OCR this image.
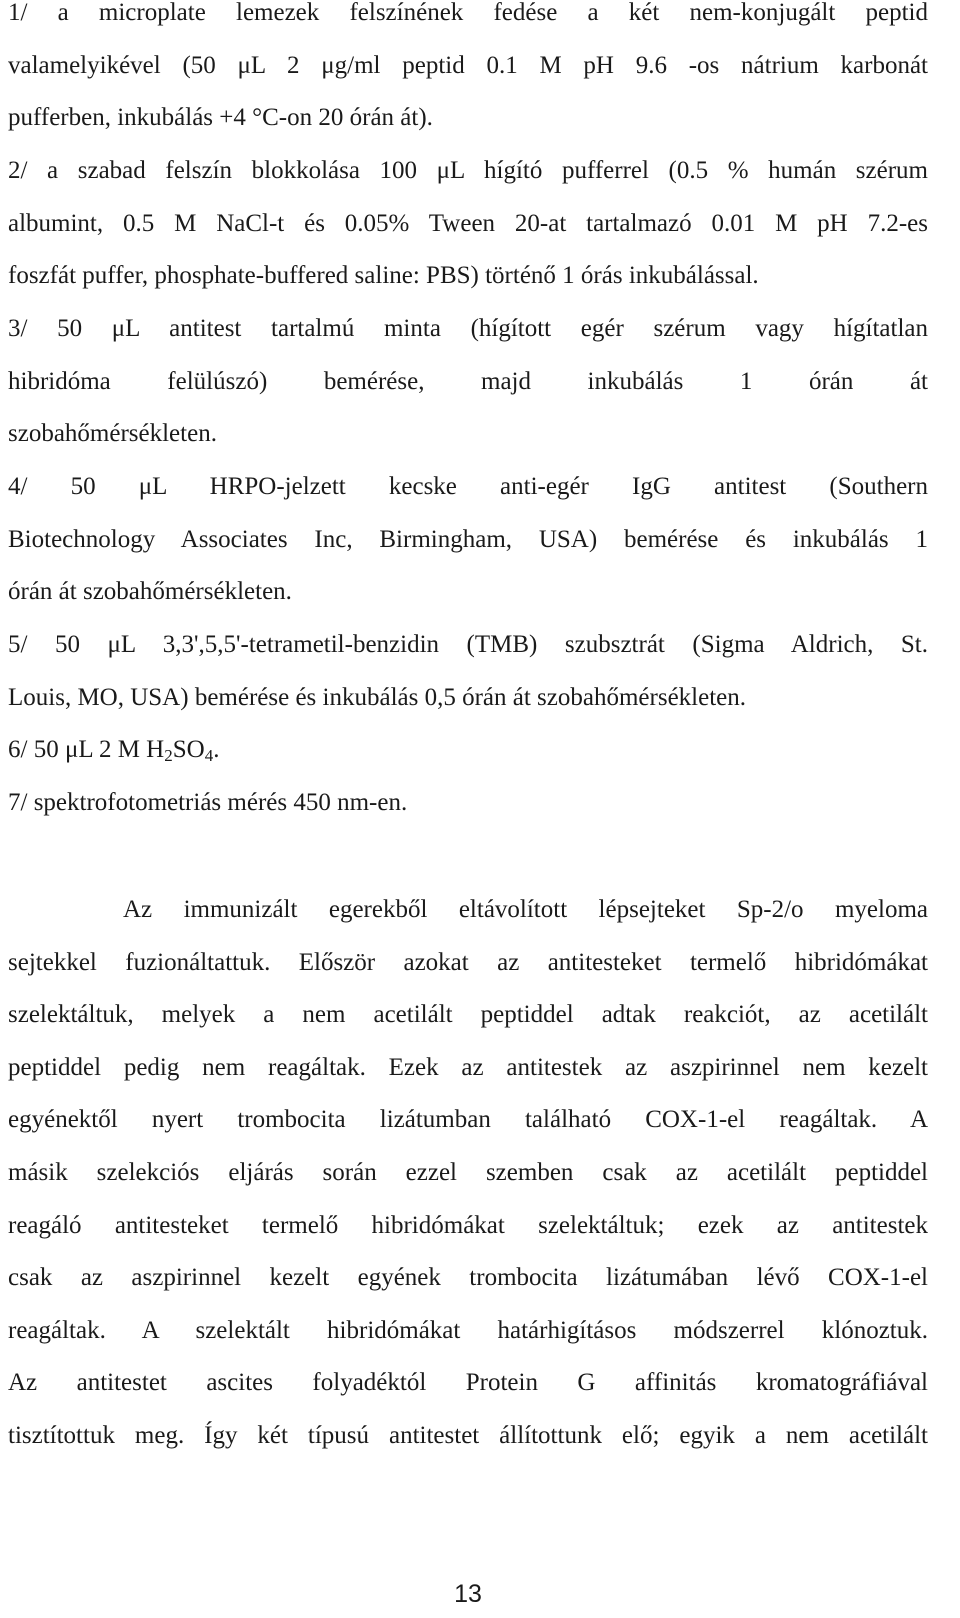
1/ a microplate lemezek felszínének fedése a két nem-konjugált peptid
valamelyikével (50 μL 2 μg/ml peptid 0.1 M pH 9.6 -os nátrium karbonát
pufferben, inkubálás +4 °C-on 20 órán át).
2/ a szabad felszín blokkolása 100 μL hígító pufferrel (0.5 % humán szérum
albumint, 0.5 M NaCl-t és 0.05% Tween 20-at tartalmazó 0.01 M pH 7.2-es
foszfát puffer, phosphate-buffered saline: PBS) történő 1 órás inkubálással.
3/ 50 μL antitest tartalmú minta (hígított egér szérum vagy hígítatlan
hibridóma felülúszó) bemérése, majd inkubálás 1 órán át
szobahőmérsékleten.
4/ 50 μL HRPO-jelzett kecske anti-egér IgG antitest (Southern
Biotechnology Associates Inc, Birmingham, USA) bemérése és inkubálás 1
órán át szobahőmérsékleten.
5/ 50 μL 3,3',5,5'-tetrametil-benzidin (TMB) szubsztrát (Sigma Aldrich, St.
Louis, MO, USA) bemérése és inkubálás 0,5 órán át szobahőmérsékleten.
6/ 50 μL 2 M $H_2SO_4$.
7/ spektrofotometriás mérés 450 nm-en.
Az immunizált egerekből eltávolított lépsejteket Sp-2/o myeloma
sejtekkel fuzionáltattuk. Először azokat az antitesteket termelő hibridómákat
szelektáltuk, melyek a nem acetilált peptiddel adtak reakciót, az acetilált
peptiddel pedig nem reagáltak. Ezek az antitestek az aszpirinnel nem kezelt
egyénektől nyert trombocita lizátumban található COX-1-el reagáltak. A
másik szelekciós eljárás során ezzel szemben csak az acetilált peptiddel
reagáló antitesteket termelő hibridómákat szelektáltuk; ezek az antitestek
csak az aszpirinnel kezelt egyének trombocita lizátumában lévő COX-1-el
reagáltak. A szelektált hibridómákat határhigításos módszerrel klónoztuk.
Az antitestet ascites folyadéktól Protein G affinitás kromatográfiával
tisztítottuk meg. Így két típusú antitestet állítottunk elő; egyik a nem acetilált
13
